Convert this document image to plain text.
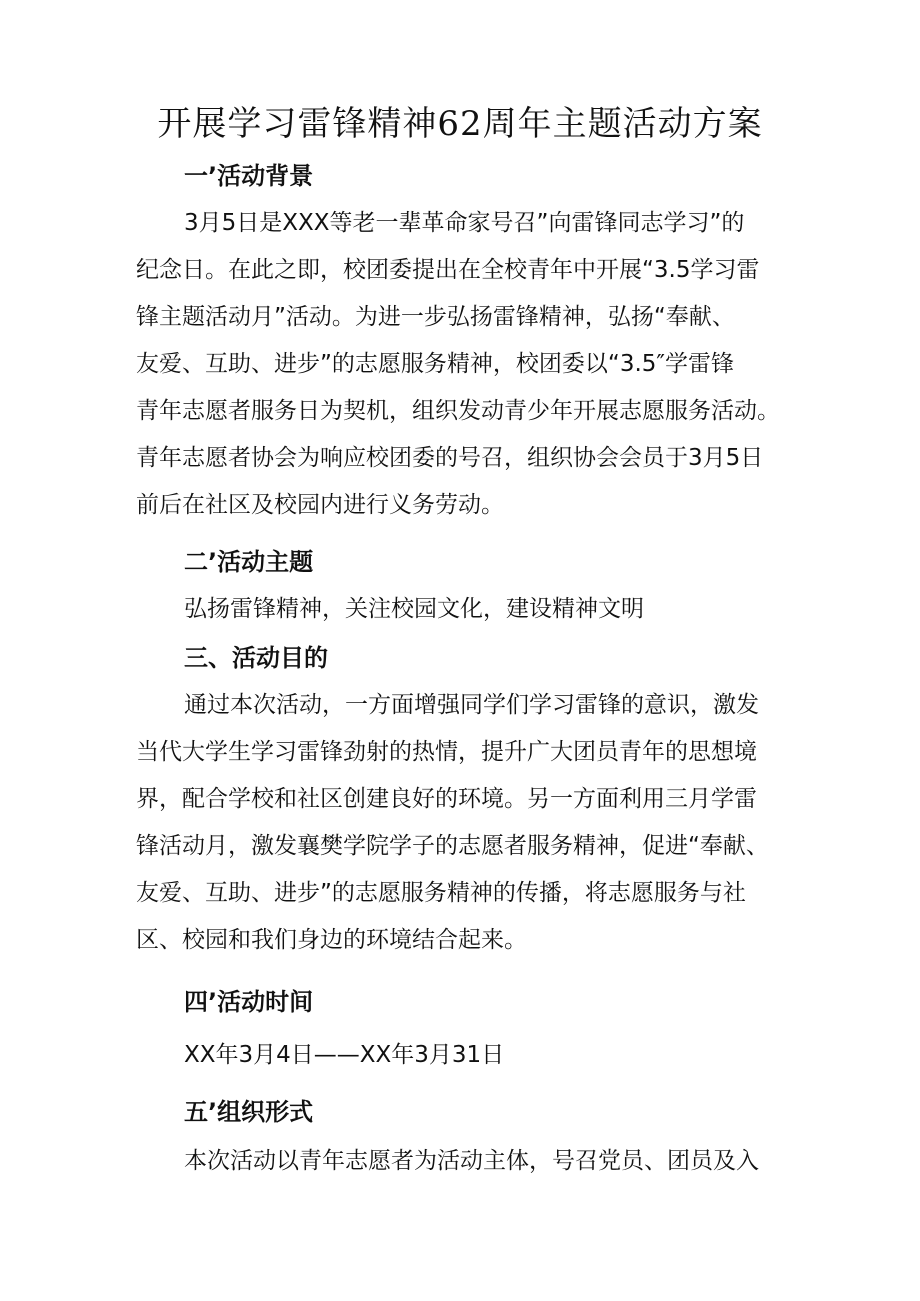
开展学习雷锋精神62周年主题活动方案
一’活动背景
3月5日是XXX等老一辈革命家号召”向雷锋同志学习”的
纪念日。在此之即，校团委提出在全校青年中开展“3.5学习雷
锋主题活动月”活动。为进一步弘扬雷锋精神，弘扬“奉献、
友爱、互助、进步”的志愿服务精神，校团委以“3.5″学雷锋
青年志愿者服务日为契机，组织发动青少年开展志愿服务活动。
青年志愿者协会为响应校团委的号召，组织协会会员于3月5日
前后在社区及校园内进行义务劳动。
二’活动主题
弘扬雷锋精神，关注校园文化，建设精神文明
三、活动目的
通过本次活动，一方面增强同学们学习雷锋的意识，激发
当代大学生学习雷锋劲射的热情，提升广大团员青年的思想境
界，配合学校和社区创建良好的环境。另一方面利用三月学雷
锋活动月，激发襄樊学院学子的志愿者服务精神，促进“奉献、
友爱、互助、进步”的志愿服务精神的传播，将志愿服务与社
区、校园和我们身边的环境结合起来。
四’活动时间
XX年3月4日——XX年3月31日
五’组织形式
本次活动以青年志愿者为活动主体，号召党员、团员及入
